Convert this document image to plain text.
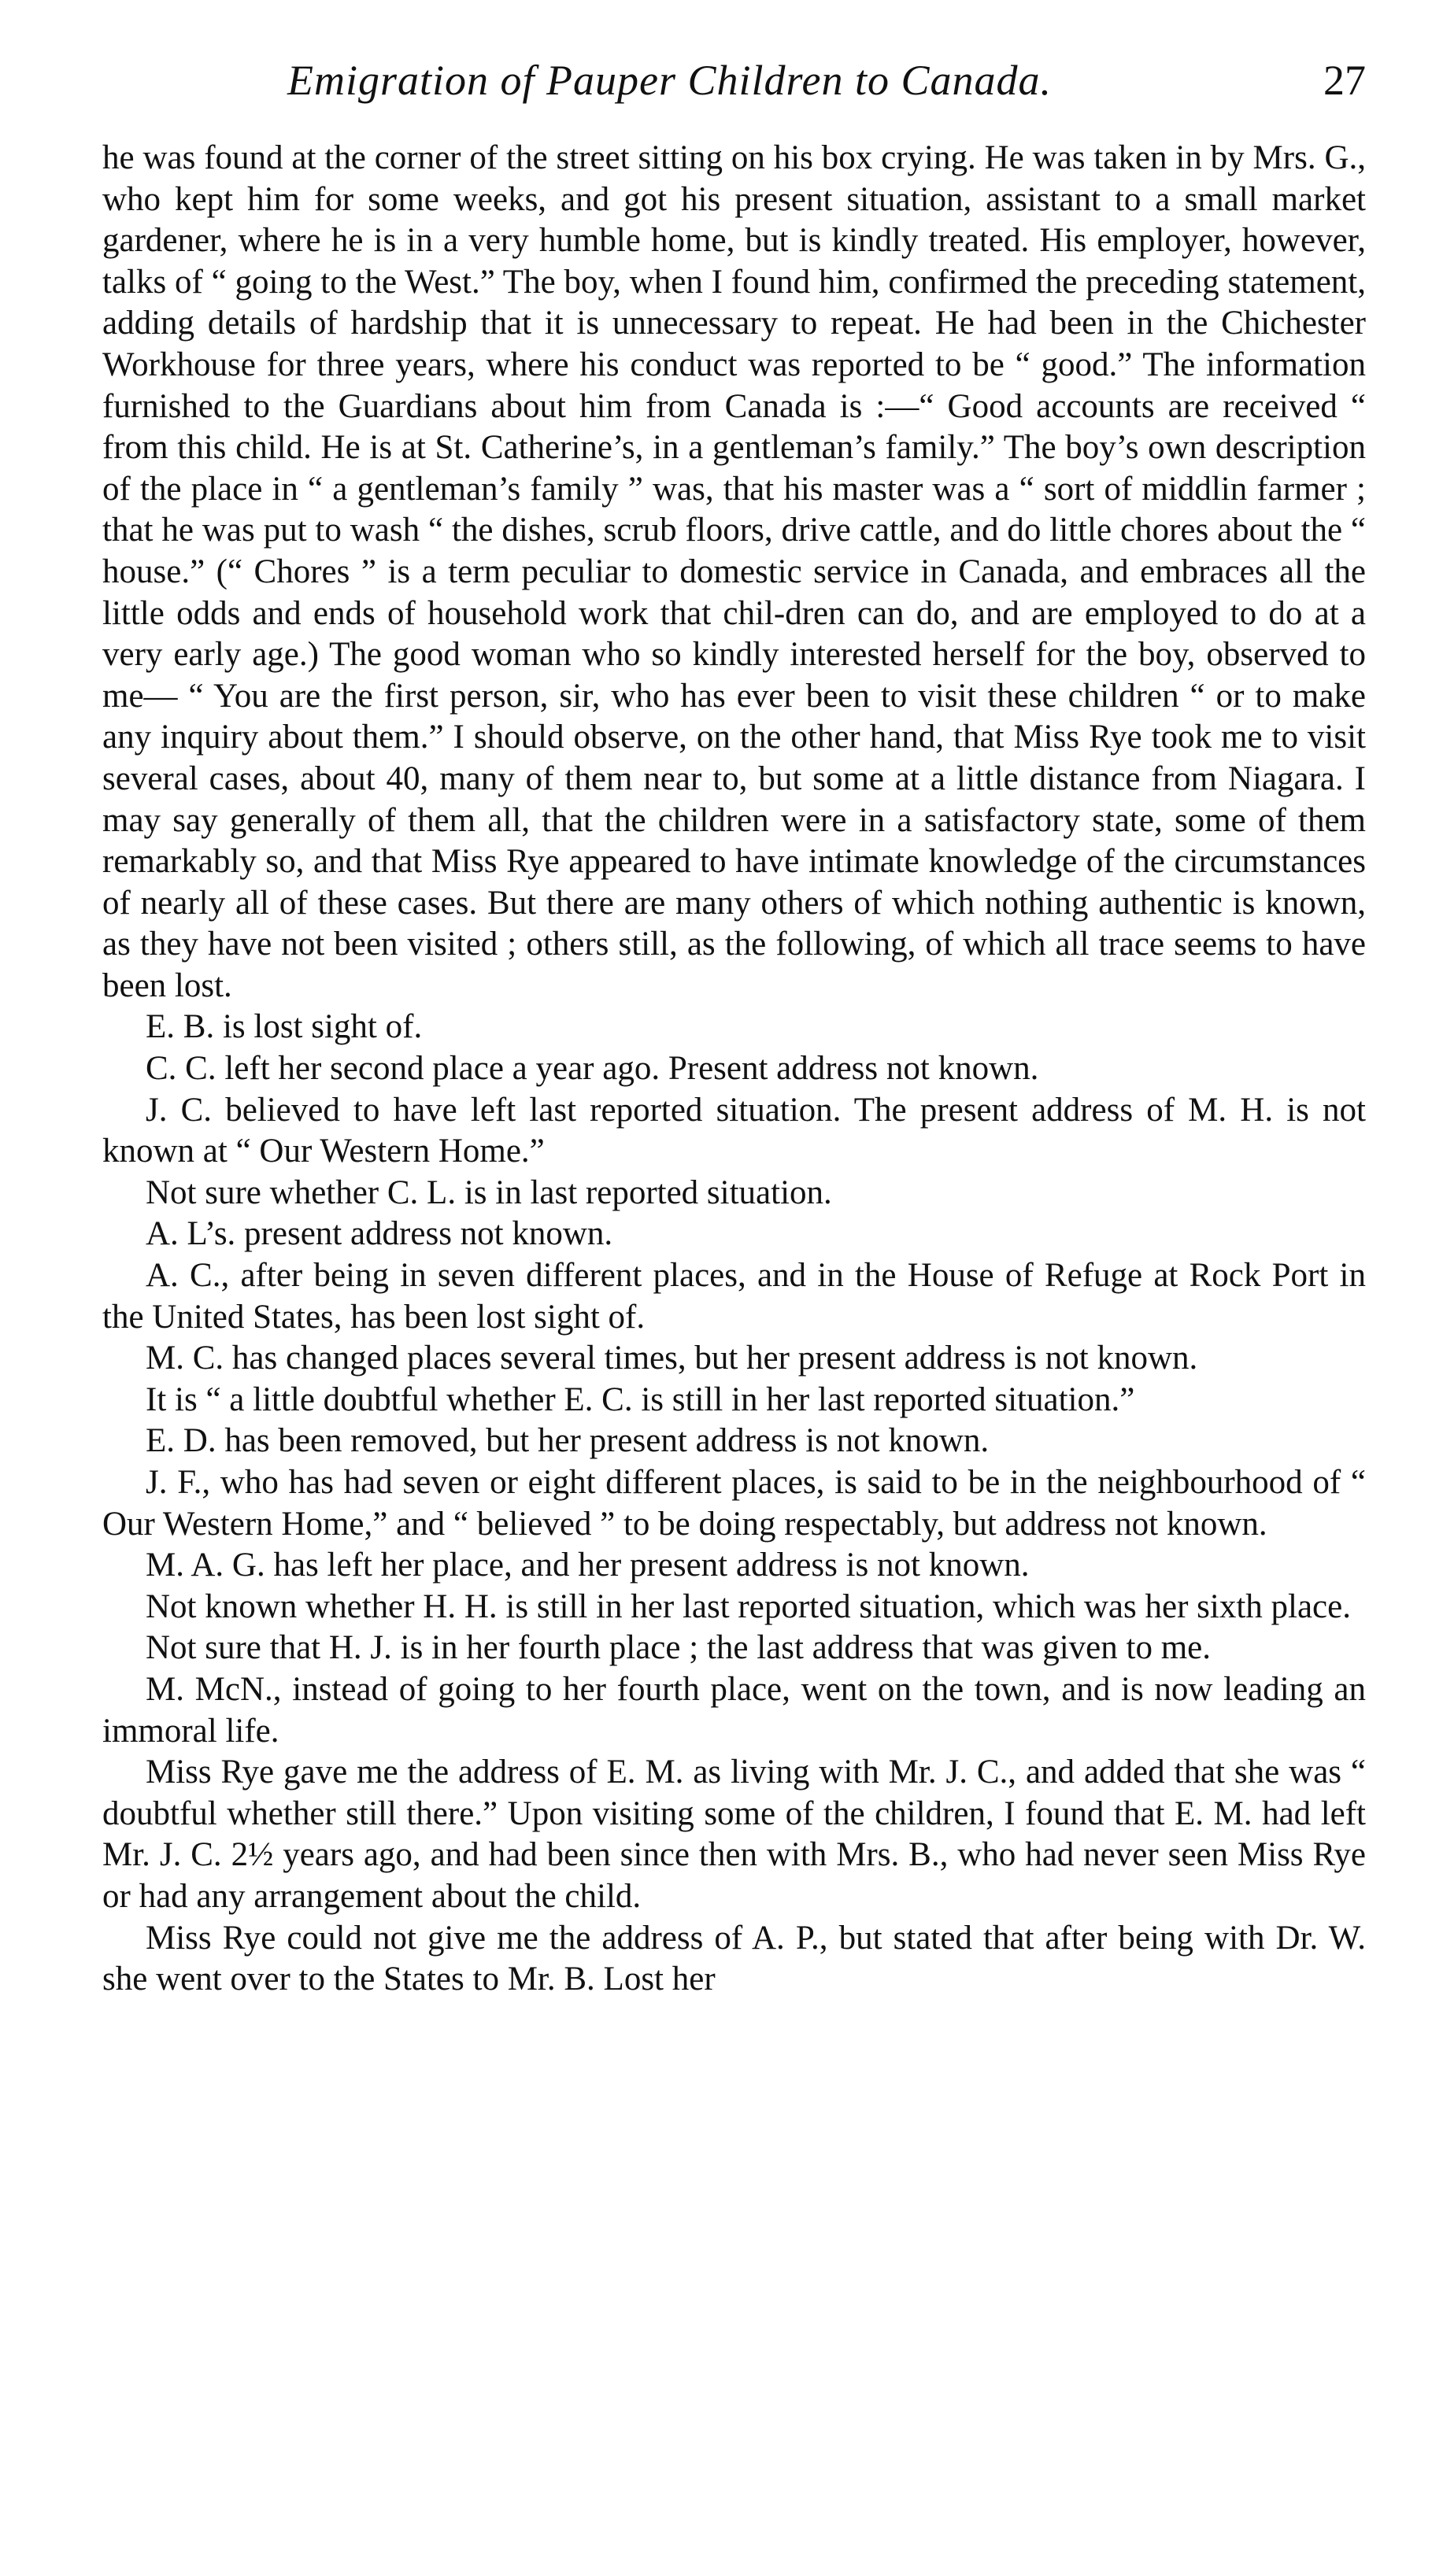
Emigration of Pauper Children to Canada.	27

he was found at the corner of the street sitting on his box crying. He was taken in by Mrs. G., who kept him for some weeks, and got his present situation, assistant to a small market gardener, where he is in a very humble home, but is kindly treated. His employer, however, talks of “ going to the West.” The boy, when I found him, confirmed the preceding statement, adding details of hardship that it is unnecessary to repeat. He had been in the Chichester Workhouse for three years, where his conduct was reported to be “ good.” The information furnished to the Guardians about him from Canada is :—“ Good accounts are received “ from this child. He is at St. Catherine’s, in a gentleman’s family.” The boy’s own description of the place in “ a gentleman’s family ” was, that his master was a “ sort of middlin farmer ; that he was put to wash “ the dishes, scrub floors, drive cattle, and do little chores about the “ house.” (“ Chores ” is a term peculiar to domestic service in Canada, and embraces all the little odds and ends of household work that chil-dren can do, and are employed to do at a very early age.) The good woman who so kindly interested herself for the boy, observed to me— “ You are the first person, sir, who has ever been to visit these children “ or to make any inquiry about them.” I should observe, on the other hand, that Miss Rye took me to visit several cases, about 40, many of them near to, but some at a little distance from Niagara. I may say generally of them all, that the children were in a satisfactory state, some of them remarkably so, and that Miss Rye appeared to have intimate knowledge of the circumstances of nearly all of these cases. But there are many others of which nothing authentic is known, as they have not been visited ; others still, as the following, of which all trace seems to have been lost.

E. B. is lost sight of.

C. C. left her second place a year ago. Present address not known.

J. C. believed to have left last reported situation. The present address of M. H. is not known at “ Our Western Home.”

Not sure whether C. L. is in last reported situation.

A. L’s. present address not known.

A. C., after being in seven different places, and in the House of Refuge at Rock Port in the United States, has been lost sight of.

M. C. has changed places several times, but her present address is not known.

It is “ a little doubtful whether E. C. is still in her last reported situation.”

E. D. has been removed, but her present address is not known.

J. F., who has had seven or eight different places, is said to be in the neighbourhood of “ Our Western Home,” and “ believed ” to be doing respectably, but address not known.

M. A. G. has left her place, and her present address is not known.

Not known whether H. H. is still in her last reported situation, which was her sixth place.

Not sure that H. J. is in her fourth place ; the last address that was given to me.

M. McN., instead of going to her fourth place, went on the town, and is now leading an immoral life.

Miss Rye gave me the address of E. M. as living with Mr. J. C., and added that she was “ doubtful whether still there.” Upon visiting some of the children, I found that E. M. had left Mr. J. C. 2½ years ago, and had been since then with Mrs. B., who had never seen Miss Rye or had any arrangement about the child.

Miss Rye could not give me the address of A. P., but stated that after being with Dr. W. she went over to the States to Mr. B. Lost her
